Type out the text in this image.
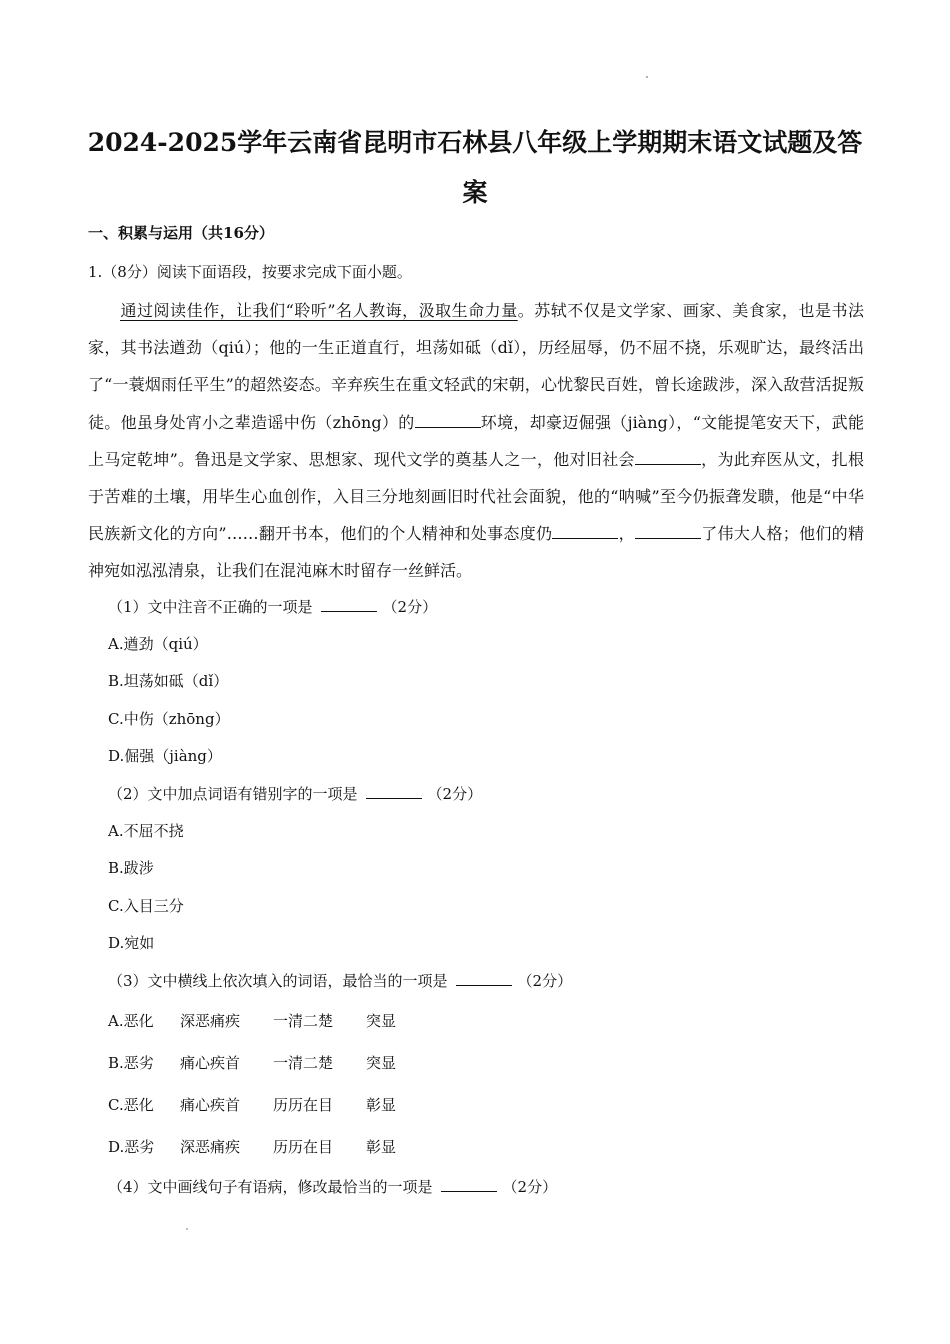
2024-2025学年云南省昆明市石林县八年级上学期期末语文试题及答案
一、积累与运用（共16分）
1.（8分）阅读下面语段，按要求完成下面小题。
通过阅读佳作，让我们“聆听”名人教诲，汲取生命力量。苏轼不仅是文学家、画家、美食家，也是书法家，其书法遒劲（qiú）；他的一生正道直行，坦荡如砥（dǐ），历经屈辱，仍不屈不挠，乐观旷达，最终活出了“一蓑烟雨任平生”的超然姿态。辛弃疾生在重文轻武的宋朝，心忧黎民百姓，曾长途跋涉，深入敌营活捉叛徒。他虽身处宵小之辈造谣中伤（zhōng）的	环境，却豪迈倔强（jiàng），“文能提笔安天下，武能上马定乾坤”。鲁迅是文学家、思想家、现代文学的奠基人之一，他对旧社会	，为此弃医从文，扎根于苦难的土壤，用毕生心血创作，入目三分地刻画旧时代社会面貌，他的“呐喊”至今仍振聋发聩，他是“中华民族新文化的方向”……翻开书本，他们的个人精神和处事态度仍	，	了伟大人格；他们的精神宛如泓泓清泉，让我们在混沌麻木时留存一丝鲜活。
（1）文中注音不正确的一项是	（2分）
A.遒劲（qiú）
B.坦荡如砥（dǐ）
C.中伤（zhōng）
D.倔强（jiàng）
（2）文中加点词语有错别字的一项是	（2分）
A.不屈不挠
B.跋涉
C.入目三分
D.宛如
（3）文中横线上依次填入的词语，最恰当的一项是	（2分）
A.恶化 深恶痛疾 一清二楚 突显
B.恶劣 痛心疾首 一清二楚 突显
C.恶化 痛心疾首 历历在目 彰显
D.恶劣 深恶痛疾 历历在目 彰显
（4）文中画线句子有语病，修改最恰当的一项是	（2分）
